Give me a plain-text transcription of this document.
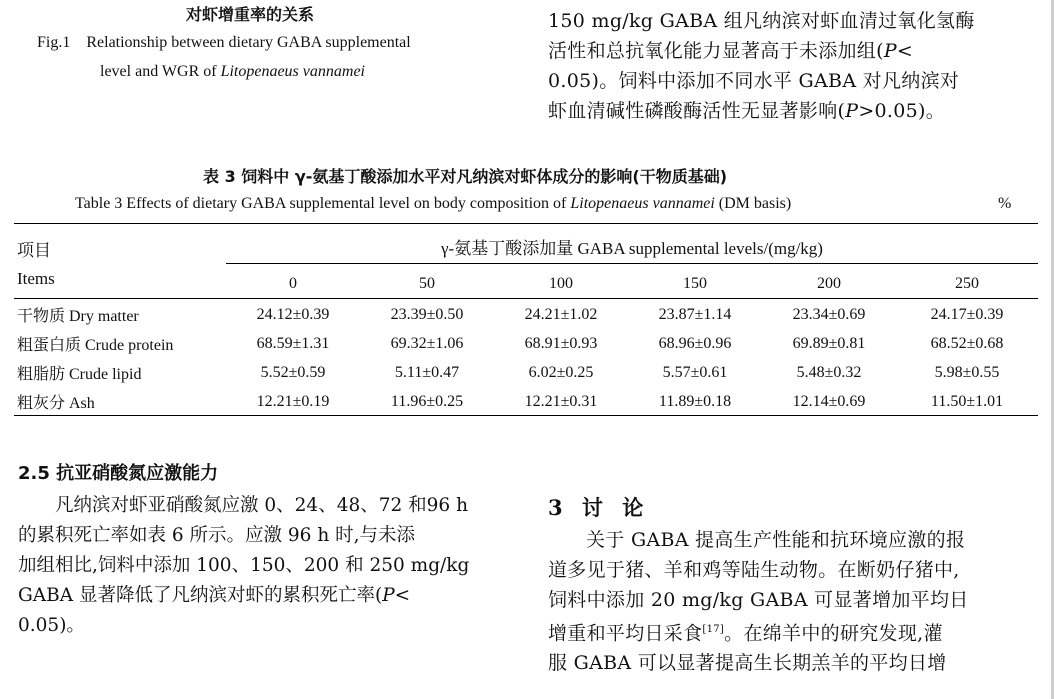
对虾增重率的关系
Fig.1 Relationship between dietary GABA supplemental
level and WGR of Litopenaeus vannamei
150 mg/kg GABA 组凡纳滨对虾血清过氧化氢酶
活性和总抗氧化能力显著高于未添加组(P<
0.05)。饲料中添加不同水平 GABA 对凡纳滨对
虾血清碱性磷酸酶活性无显著影响(P>0.05)。
表 3 饲料中 γ-氨基丁酸添加水平对凡纳滨对虾体成分的影响(干物质基础)
Table 3 Effects of dietary GABA supplemental level on body composition of Litopenaeus vannamei (DM basis)	%
项目
Items
γ-氨基丁酸添加量 GABA supplemental levels/(mg/kg)

	0	50	100	150	200	250
干物质 Dry matter	24.12±0.39	23.39±0.50	24.21±1.02	23.87±1.14	23.34±0.69	24.17±0.39
粗蛋白质 Crude protein	68.59±1.31	69.32±1.06	68.91±0.93	68.96±0.96	69.89±0.81	68.52±0.68
粗脂肪 Crude lipid	5.52±0.59	5.11±0.47	6.02±0.25	5.57±0.61	5.48±0.32	5.98±0.55
粗灰分 Ash	12.21±0.19	11.96±0.25	12.21±0.31	11.89±0.18	12.14±0.69	11.50±1.01
2.5 抗亚硝酸氮应激能力
凡纳滨对虾亚硝酸氮应激 0、24、48、72 和96 h
的累积死亡率如表 6 所示。应激 96 h 时,与未添
加组相比,饲料中添加 100、150、200 和 250 mg/kg
GABA 显著降低了凡纳滨对虾的累积死亡率(P<
0.05)。
3 讨 论
关于 GABA 提高生产性能和抗环境应激的报
道多见于猪、羊和鸡等陆生动物。在断奶仔猪中,
饲料中添加 20 mg/kg GABA 可显著增加平均日
增重和平均日采食[17]。在绵羊中的研究发现,灌
服 GABA 可以显著提高生长期羔羊的平均日增
